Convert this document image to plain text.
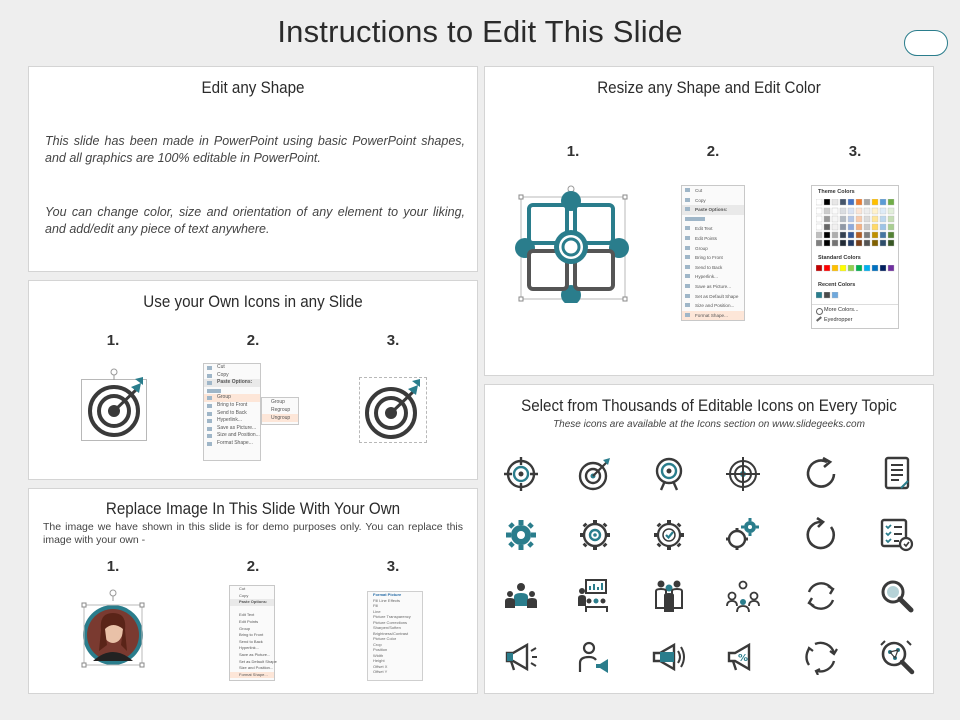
Instructions to Edit This Slide
Edit any Shape
This slide has been made in PowerPoint using basic PowerPoint shapes, and all graphics are 100% editable in PowerPoint.
You can change color, size and orientation of any element to your liking, and add/edit any piece of text anywhere.
Use your Own Icons in any Slide
1.	2.	3.
Cut
Copy
Paste Options:
Group
Bring to Front
Send to Back
Hyperlink...
Save as Picture...
Size and Position...
Format Shape...
Group
Regroup
Ungroup
Replace Image In This Slide With Your Own
The image we have shown in this slide is for demo purposes only. You can replace this image with your own -
1.	2.	3.
Cut
Copy
Paste Options:
Edit Text
Edit Points
Group
Bring to Front
Send to Back
Hyperlink...
Save as Picture...
Set as Default Shape
Size and Position...
Format Shape...
Format Picture
Fill Line Effects
Fill
Line
Picture Transparency
Picture Corrections
Sharpen/Soften
Brightness/Contrast
Picture Color
Crop
Position
Width
Height
Offset X
Offset Y
Resize any Shape and Edit Color
1.	2.	3.
Cut
Copy
Paste Options:
Edit Text
Edit Points
Group
Bring to Front
Send to Back
Hyperlink...
Save as Picture...
Set as Default Shape
Size and Position...
Format Shape...
Theme Colors
Standard Colors
Recent Colors
More Colors...
Eyedropper
Select from Thousands of Editable Icons on Every Topic
These icons are available at the Icons section on www.slidegeeks.com
%
